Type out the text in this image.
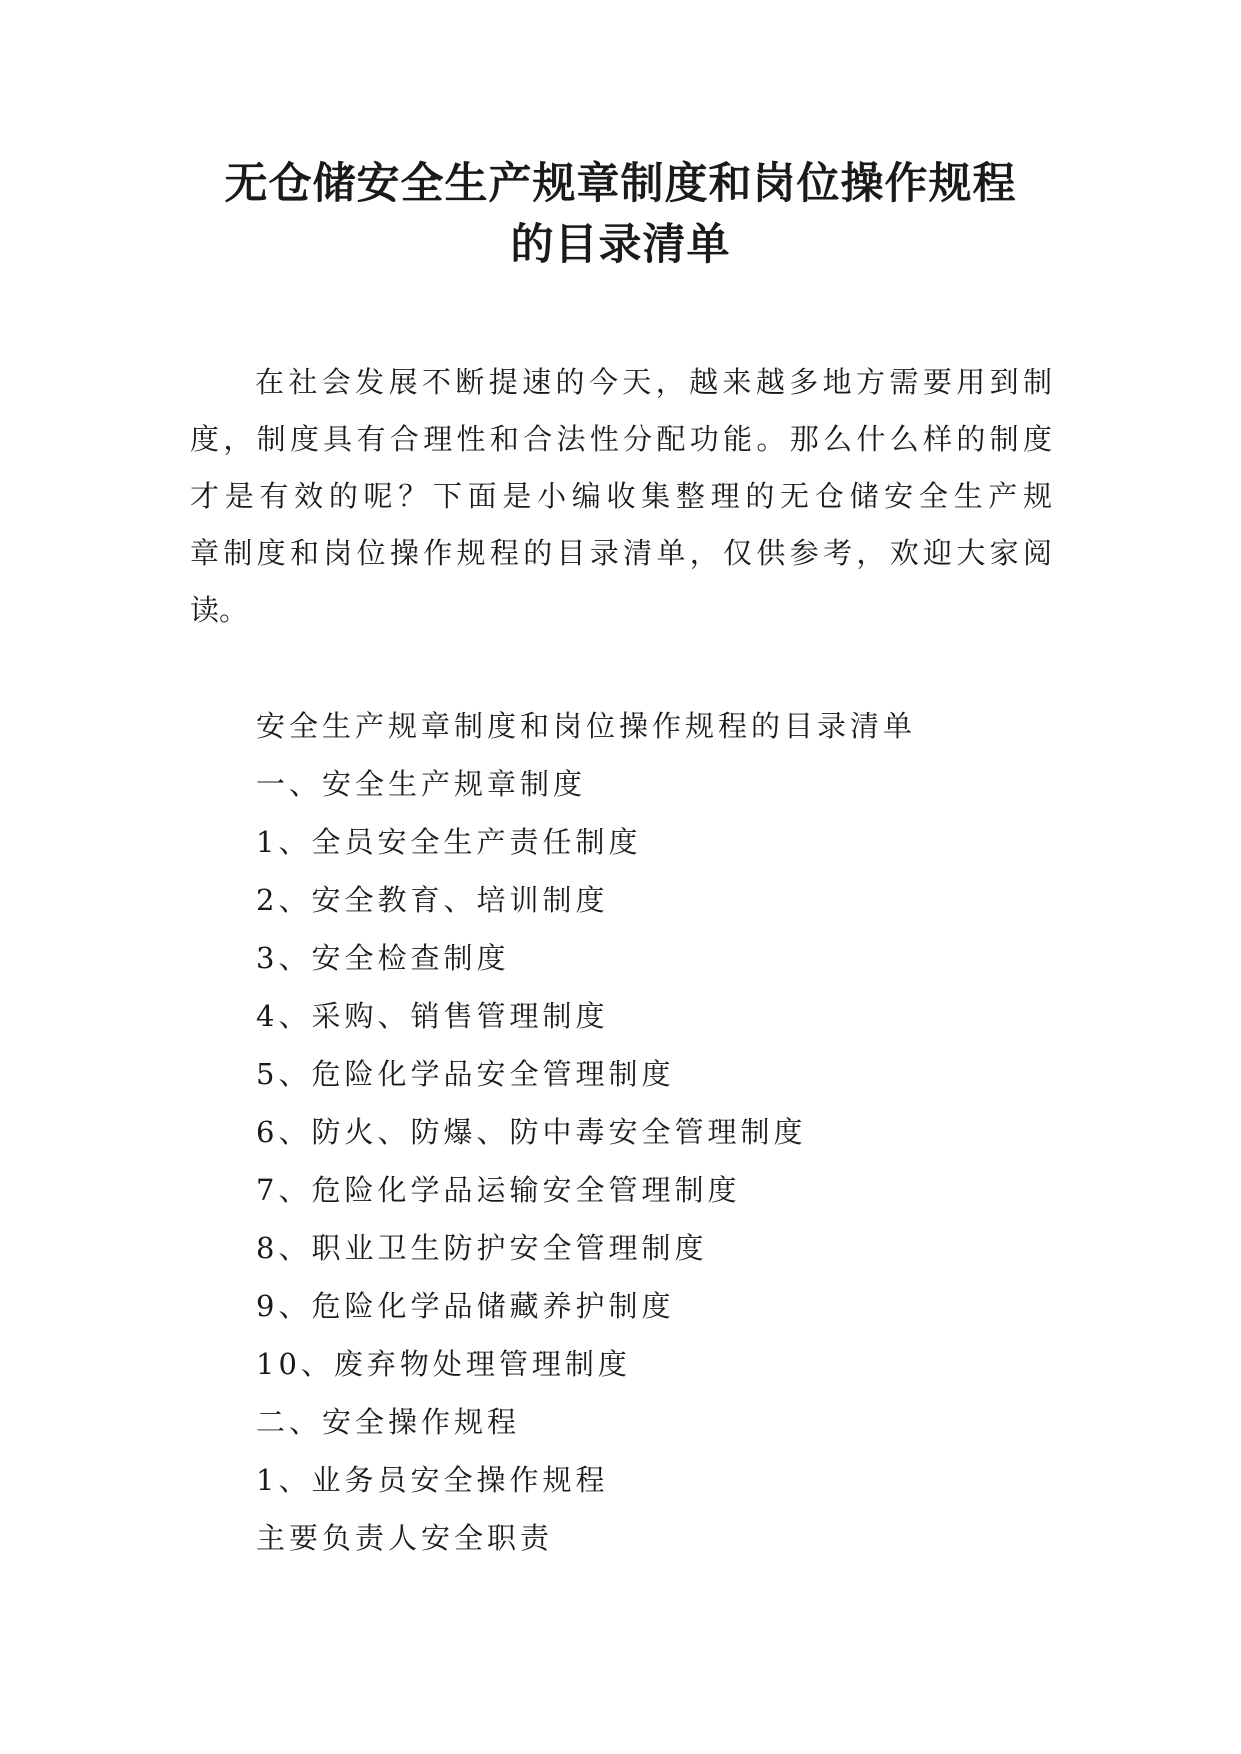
无仓储安全生产规章制度和岗位操作规程
的目录清单
在社会发展不断提速的今天，越来越多地方需要用到制
度，制度具有合理性和合法性分配功能。那么什么样的制度
才是有效的呢？下面是小编收集整理的无仓储安全生产规
章制度和岗位操作规程的目录清单，仅供参考，欢迎大家阅
读。
安全生产规章制度和岗位操作规程的目录清单
一、安全生产规章制度
1、全员安全生产责任制度
2、安全教育、培训制度
3、安全检查制度
4、采购、销售管理制度
5、危险化学品安全管理制度
6、防火、防爆、防中毒安全管理制度
7、危险化学品运输安全管理制度
8、职业卫生防护安全管理制度
9、危险化学品储藏养护制度
10、废弃物处理管理制度
二、安全操作规程
1、业务员安全操作规程
主要负责人安全职责
